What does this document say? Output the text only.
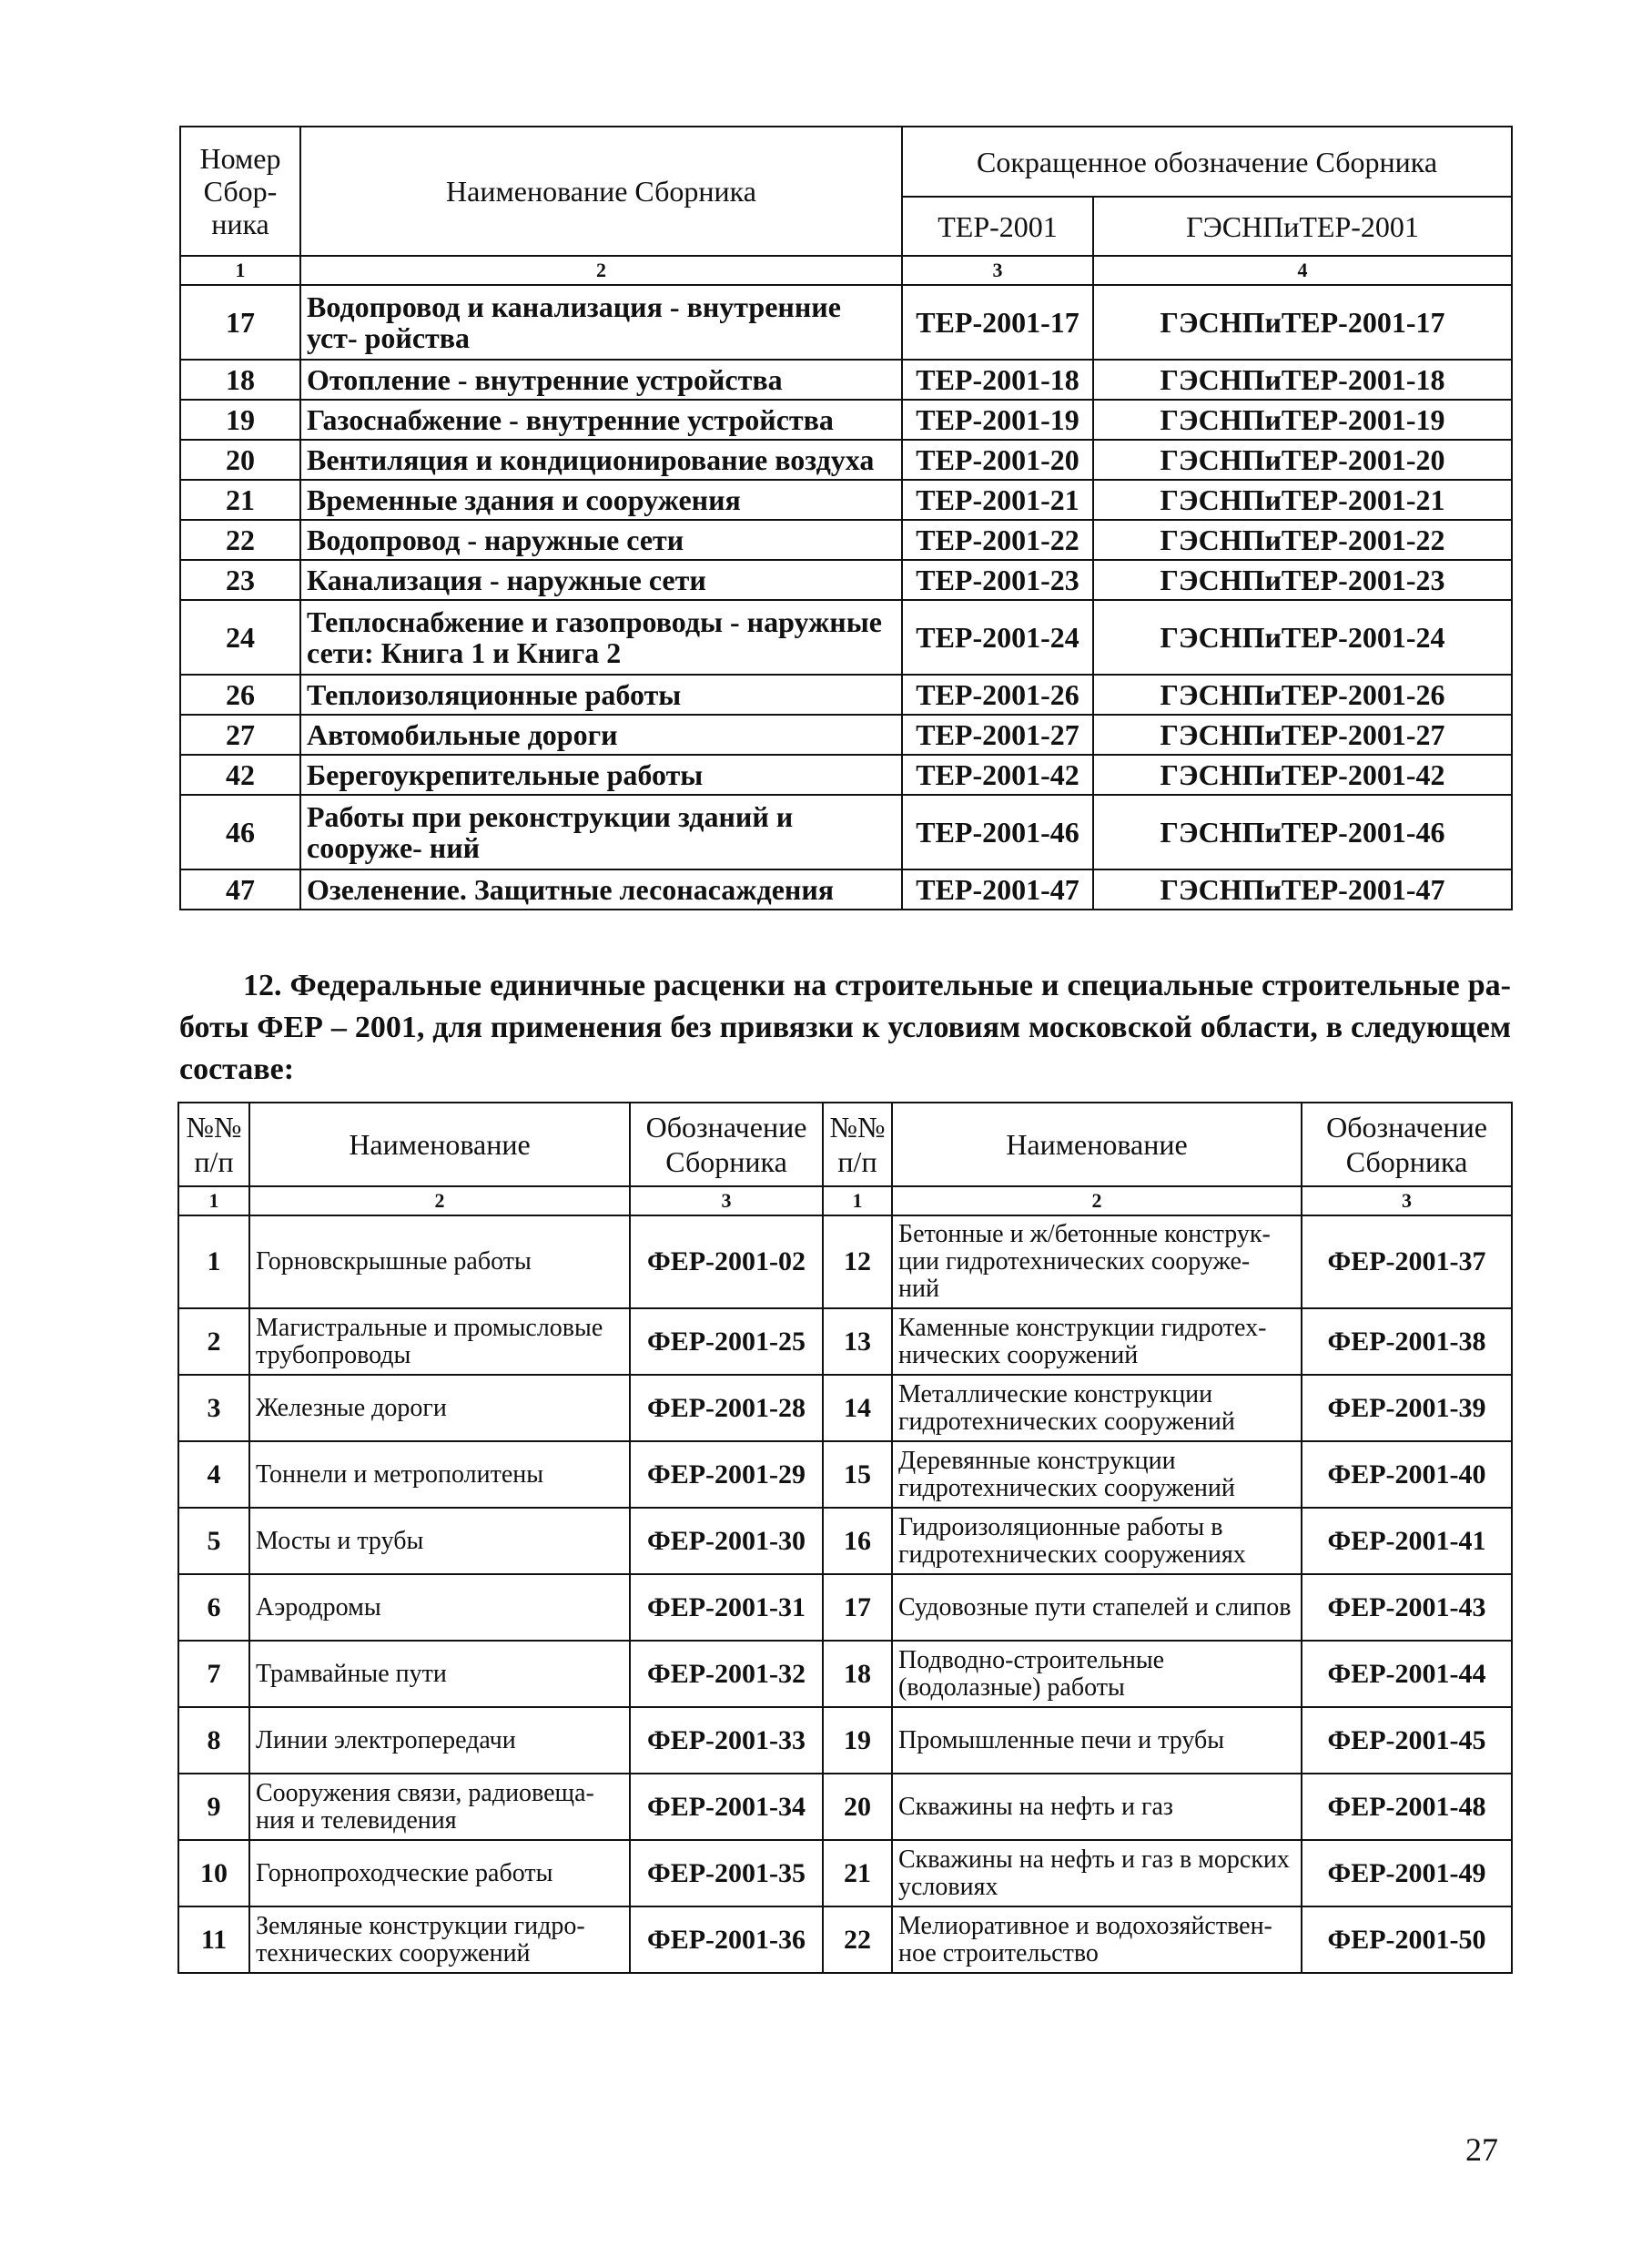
Номер Сбор- ника	Наименование Сборника	Сокращенное обозначение Сборника	
		ТЕР-2001	ГЭСНПиТЕР-2001
1	2	3	4
17	Водопровод и канализация - внутренние уст- ройства	ТЕР-2001-17	ГЭСНПиТЕР-2001-17
18	Отопление - внутренние устройства	ТЕР-2001-18	ГЭСНПиТЕР-2001-18
19	Газоснабжение - внутренние устройства	ТЕР-2001-19	ГЭСНПиТЕР-2001-19
20	Вентиляция и кондиционирование воздуха	ТЕР-2001-20	ГЭСНПиТЕР-2001-20
21	Временные здания и сооружения	ТЕР-2001-21	ГЭСНПиТЕР-2001-21
22	Водопровод - наружные сети	ТЕР-2001-22	ГЭСНПиТЕР-2001-22
23	Канализация - наружные сети	ТЕР-2001-23	ГЭСНПиТЕР-2001-23
24	Теплоснабжение и газопроводы - наружные сети: Книга 1 и Книга 2	ТЕР-2001-24	ГЭСНПиТЕР-2001-24
26	Теплоизоляционные работы	ТЕР-2001-26	ГЭСНПиТЕР-2001-26
27	Автомобильные дороги	ТЕР-2001-27	ГЭСНПиТЕР-2001-27
42	Берегоукрепительные работы	ТЕР-2001-42	ГЭСНПиТЕР-2001-42
46	Работы при реконструкции зданий и сооруже- ний	ТЕР-2001-46	ГЭСНПиТЕР-2001-46
47	Озеленение. Защитные лесонасаждения	ТЕР-2001-47	ГЭСНПиТЕР-2001-47
12. Федеральные единичные расценки на строительные и специальные строительные ра- боты ФЕР – 2001, для применения без привязки к условиям московской области, в следующем составе:
№№ п/п	Наименование	Обозначение Сборника	№№ п/п	Наименование	Обозначение Сборника
1	2	3	1	2	3
1	Горновскрышные работы	ФЕР-2001-02	12	Бетонные и ж/бетонные конструк- ции гидротехнических сооруже- ний	ФЕР-2001-37
2	Магистральные и промысловые трубопроводы	ФЕР-2001-25	13	Каменные конструкции гидротех- нических сооружений	ФЕР-2001-38
3	Железные дороги	ФЕР-2001-28	14	Металлические конструкции гидротехнических сооружений	ФЕР-2001-39
4	Тоннели и метрополитены	ФЕР-2001-29	15	Деревянные конструкции гидротехнических сооружений	ФЕР-2001-40
5	Мосты и трубы	ФЕР-2001-30	16	Гидроизоляционные работы в гидротехнических сооружениях	ФЕР-2001-41
6	Аэродромы	ФЕР-2001-31	17	Судовозные пути стапелей и слипов	ФЕР-2001-43
7	Трамвайные пути	ФЕР-2001-32	18	Подводно-строительные (водолазные) работы	ФЕР-2001-44
8	Линии электропередачи	ФЕР-2001-33	19	Промышленные печи и трубы	ФЕР-2001-45
9	Сооружения связи, радиовеща- ния и телевидения	ФЕР-2001-34	20	Скважины на нефть и газ	ФЕР-2001-48
10	Горнопроходческие работы	ФЕР-2001-35	21	Скважины на нефть и газ в морских условиях	ФЕР-2001-49
11	Земляные конструкции гидро- технических сооружений	ФЕР-2001-36	22	Мелиоративное и водохозяйствен- ное строительство	ФЕР-2001-50
27
